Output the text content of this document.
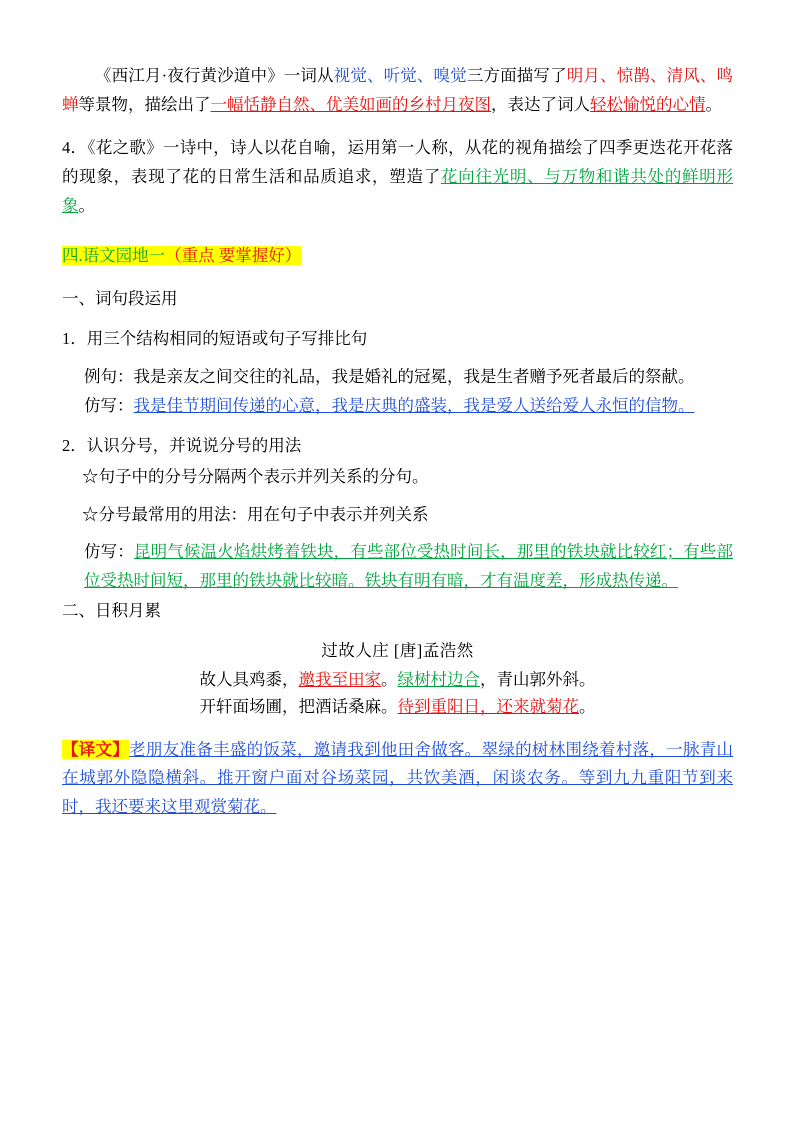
《西江月·夜行黄沙道中》一词从视觉、听觉、嗅觉三方面描写了明月、惊鹊、清风、鸣蝉等景物，描绘出了一幅恬静自然、优美如画的乡村月夜图，表达了词人轻松愉悦的心情。

4．《花之歌》一诗中，诗人以花自喻，运用第一人称，从花的视角描绘了四季更迭花开花落的现象，表现了花的日常生活和品质追求，塑造了花向往光明、与万物和谐共处的鲜明形象。

四.语文园地一（重点 要掌握好）

一、词句段运用

1．用三个结构相同的短语或句子写排比句

例句：我是亲友之间交往的礼品，我是婚礼的冠冕，我是生者赠予死者最后的祭献。

仿写：我是佳节期间传递的心意，我是庆典的盛装，我是爱人送给爱人永恒的信物。

2．认识分号，并说说分号的用法

☆句子中的分号分隔两个表示并列关系的分句。

☆分号最常用的用法：用在句子中表示并列关系

仿写：昆明气候温火焰烘烤着铁块，有些部位受热时间长，那里的铁块就比较红；有些部位受热时间短，那里的铁块就比较暗。铁块有明有暗，才有温度差，形成热传递。

二、日积月累

过故人庄 [唐]孟浩然

故人具鸡黍，邀我至田家。绿树村边合，青山郭外斜。

开轩面场圃，把酒话桑麻。待到重阳日，还来就菊花。

【译文】老朋友准备丰盛的饭菜，邀请我到他田舍做客。翠绿的树林围绕着村落，一脉青山在城郭外隐隐横斜。推开窗户面对谷场菜园，共饮美酒，闲谈农务。等到九九重阳节到来时，我还要来这里观赏菊花。
